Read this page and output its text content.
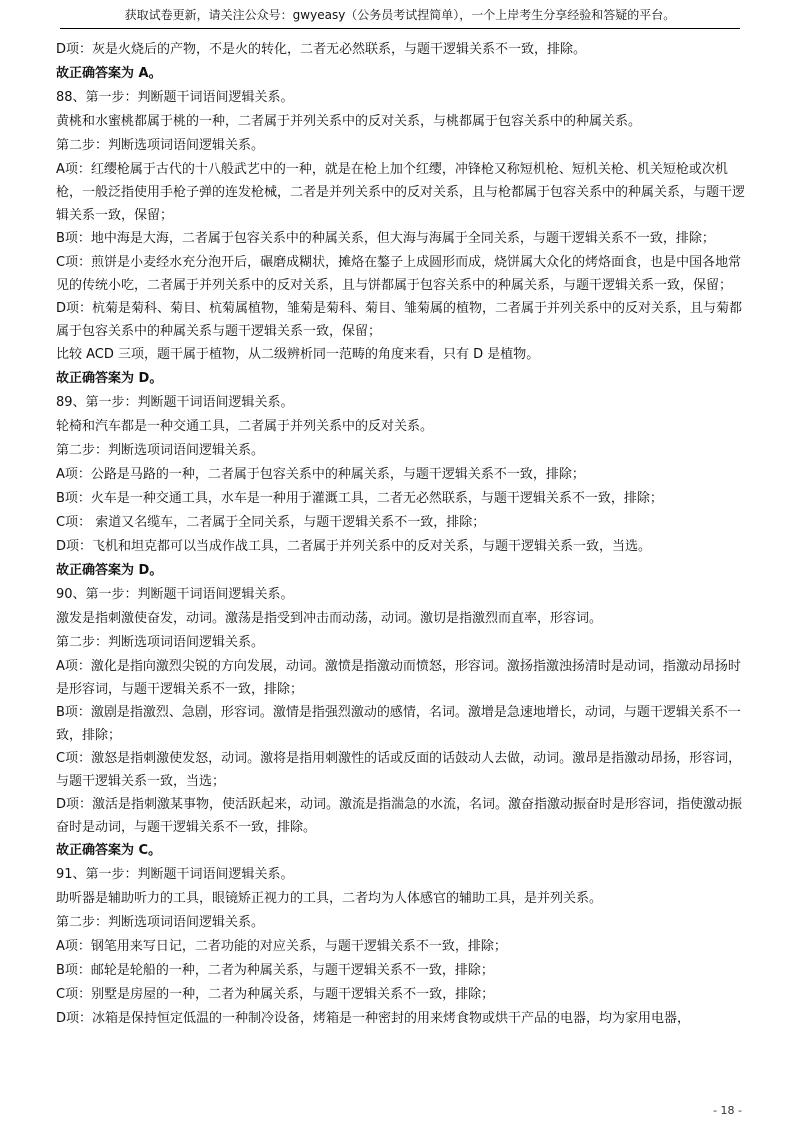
获取试卷更新，请关注公众号：gwyeasy（公务员考试捏简单），一个上岸考生分享经验和答疑的平台。

D项：灰是火烧后的产物，不是火的转化，二者无必然联系，与题干逻辑关系不一致，排除。

故正确答案为 A。

88、第一步：判断题干词语间逻辑关系。

黄桃和水蜜桃都属于桃的一种，二者属于并列关系中的反对关系，与桃都属于包容关系中的种属关系。

第二步：判断选项词语间逻辑关系。

A项：红缨枪属于古代的十八般武艺中的一种，就是在枪上加个红缨，冲锋枪又称短机枪、短机关枪、机关短枪或次机枪，一般泛指使用手枪子弹的连发枪械，二者是并列关系中的反对关系，且与枪都属于包容关系中的种属关系，与题干逻辑关系一致，保留；

B项：地中海是大海，二者属于包容关系中的种属关系，但大海与海属于全同关系，与题干逻辑关系不一致，排除；

C项：煎饼是小麦经水充分泡开后，碾磨成糊状，摊烙在鏊子上成圆形而成，烧饼属大众化的烤烙面食，也是中国各地常见的传统小吃，二者属于并列关系中的反对关系，且与饼都属于包容关系中的种属关系，与题干逻辑关系一致，保留；

D项：杭菊是菊科、菊目、杭菊属植物，雏菊是菊科、菊目、雏菊属的植物，二者属于并列关系中的反对关系，且与菊都属于包容关系中的种属关系与题干逻辑关系一致，保留；

比较 ACD 三项，题干属于植物，从二级辨析同一范畴的角度来看，只有 D 是植物。

故正确答案为 D。

89、第一步：判断题干词语间逻辑关系。

轮椅和汽车都是一种交通工具，二者属于并列关系中的反对关系。

第二步：判断选项词语间逻辑关系。

A项：公路是马路的一种，二者属于包容关系中的种属关系，与题干逻辑关系不一致，排除；

B项：火车是一种交通工具，水车是一种用于灌溉工具，二者无必然联系，与题干逻辑关系不一致，排除；

C项： 索道又名缆车，二者属于全同关系，与题干逻辑关系不一致，排除；

D项：飞机和坦克都可以当成作战工具，二者属于并列关系中的反对关系，与题干逻辑关系一致，当选。

故正确答案为 D。

90、第一步：判断题干词语间逻辑关系。

激发是指刺激使奋发，动词。激荡是指受到冲击而动荡，动词。激切是指激烈而直率，形容词。

第二步：判断选项词语间逻辑关系。

A项：激化是指向激烈尖锐的方向发展，动词。激愤是指激动而愤怒，形容词。激扬指激浊扬清时是动词，指激动昂扬时是形容词，与题干逻辑关系不一致，排除；

B项：激剧是指激烈、急剧，形容词。激情是指强烈激动的感情，名词。激增是急速地增长，动词，与题干逻辑关系不一致，排除；

C项：激怒是指刺激使发怒，动词。激将是指用刺激性的话或反面的话鼓动人去做，动词。激昂是指激动昂扬，形容词，与题干逻辑关系一致，当选；

D项：激活是指刺激某事物，使活跃起来，动词。激流是指湍急的水流，名词。激奋指激动振奋时是形容词，指使激动振奋时是动词，与题干逻辑关系不一致，排除。

故正确答案为 C。

91、第一步：判断题干词语间逻辑关系。

助听器是辅助听力的工具，眼镜矫正视力的工具，二者均为人体感官的辅助工具，是并列关系。

第二步：判断选项词语间逻辑关系。

A项：钢笔用来写日记，二者功能的对应关系，与题干逻辑关系不一致，排除；

B项：邮轮是轮船的一种，二者为种属关系，与题干逻辑关系不一致，排除；

C项：别墅是房屋的一种，二者为种属关系，与题干逻辑关系不一致，排除；

D项：冰箱是保持恒定低温的一种制冷设备，烤箱是一种密封的用来烤食物或烘干产品的电器，均为家用电器，

- 18 -
